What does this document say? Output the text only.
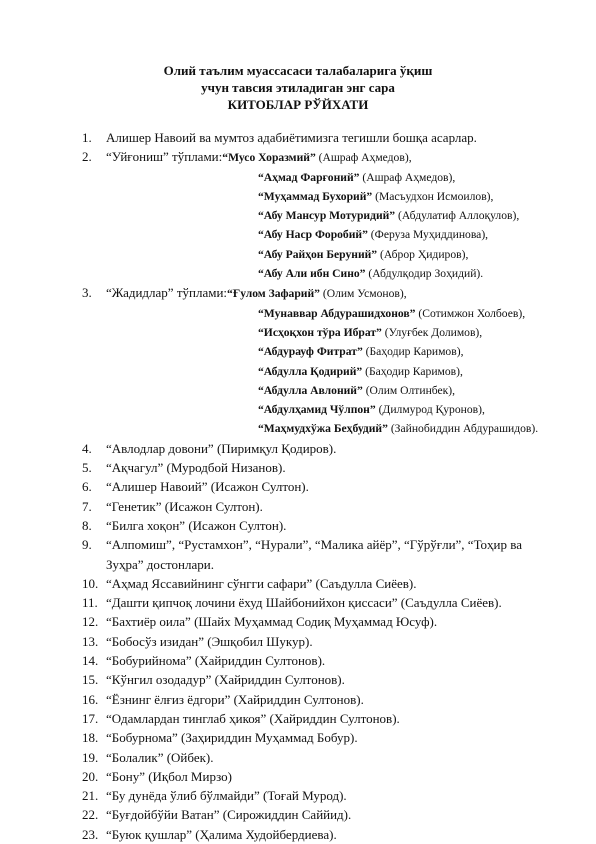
Олий таълим муассасаси талабаларига ўқиш
учун тавсия этиладиган энг сара
КИТОБЛАР РЎЙХАТИ
1. Алишер Навоий ва мумтоз адабиётимизга тегишли бошқа асарлар.
2. “Уйғониш” тўплами:“Мусо Хоразмий” (Ашраф Аҳмедов),
“Аҳмад Фарғоний” (Ашраф Аҳмедов),
“Муҳаммад Бухорий” (Масъудхон Исмоилов),
“Абу Мансур Мотуридий” (Абдулатиф Аллоқулов),
“Абу Наср Форобий” (Феруза Муҳиддинова),
“Абу Райҳон Беруний” (Аброр Ҳидиров),
“Абу Али ибн Сино” (Абдулқодир Зоҳидий).
3. “Жадидлар” тўплами:“Ғулом Зафарий” (Олим Усмонов),
“Мунаввар Абдурашидхонов” (Сотимжон Холбоев),
“Исҳоқхон тўра Ибрат” (Улуғбек Долимов),
“Абдурауф Фитрат” (Баҳодир Каримов),
“Абдулла Қодирий” (Баҳодир Каримов),
“Абдулла Авлоний” (Олим Олтинбек),
“Абдулҳамид Чўлпон” (Дилмурод Қуронов),
“Маҳмудхўжа Беҳбудий” (Зайнобиддин Абдурашидов).
4. “Авлодлар довони” (Пиримқул Қодиров).
5. “Ақчагул” (Муродбой Низанов).
6. “Алишер Навоий” (Исажон Султон).
7. “Генетик” (Исажон Султон).
8. “Билга хоқон” (Исажон Султон).
9. “Алпомиш”, “Рустамхон”, “Нурали”, “Малика айёр”, “Гўрўғли”, “Тоҳир ва Зуҳра” достонлари.
10. “Аҳмад Яссавийнинг сўнгги сафари” (Саъдулла Сиёев).
11. “Дашти қипчоқ лочини ёхуд Шайбонийхон қиссаси” (Саъдулла Сиёев).
12. “Бахтиёр оила” (Шайх Муҳаммад Содиқ Муҳаммад Юсуф).
13. “Бобосўз изидан” (Эшқобил Шукур).
14. “Бобурийнома” (Хайриддин Султонов).
15. “Кўнгил озодадур” (Хайриддин Султонов).
16. “Ёзнинг ёлғиз ёдгори” (Хайриддин Султонов).
17. “Одамлардан тинглаб ҳикоя” (Хайриддин Султонов).
18. “Бобурнома” (Заҳириддин Муҳаммад Бобур).
19. “Болалик” (Ойбек).
20. “Бону” (Иқбол Мирзо)
21. “Бу дунёда ўлиб бўлмайди” (Тоғай Мурод).
22. “Буғдойбўйи Ватан” (Сирожиддин Саййид).
23. “Буюк қушлар” (Ҳалима Худойбердиева).
